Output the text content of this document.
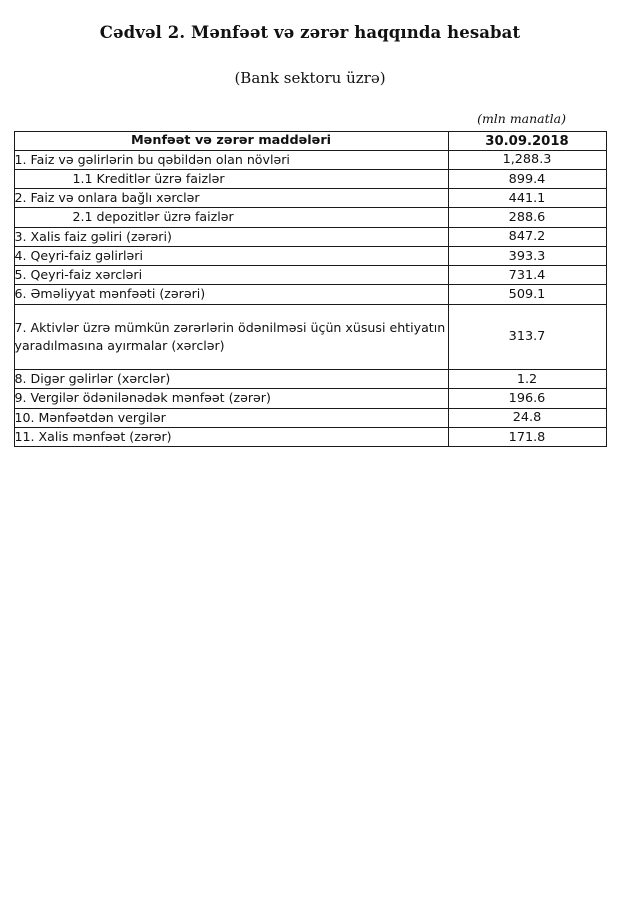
Cədvəl 2. Mənfəət və zərər haqqında hesabat
(Bank sektoru üzrə)
(mln manatla)
Mənfəət və zərər maddələri	30.09.2018
1. Faiz və gəlirlərin bu qəbildən olan növləri	1,288.3
1.1 Kreditlər üzrə faizlər	899.4
2. Faiz və onlara bağlı xərclər	441.1
2.1 depozitlər üzrə faizlər	288.6
3. Xalis faiz gəliri (zərəri)	847.2
4. Qeyri-faiz gəlirləri	393.3
5. Qeyri-faiz xərcləri	731.4
6. Əməliyyat mənfəəti (zərəri)	509.1
7. Aktivlər üzrə mümkün zərərlərin ödənilməsi üçün xüsusi ehtiyatın yaradılmasına ayırmalar (xərclər)	313.7
8. Digər gəlirlər (xərclər)	1.2
9. Vergilər ödənilənədək mənfəət (zərər)	196.6
10. Mənfəətdən vergilər	24.8
11. Xalis mənfəət (zərər)	171.8
